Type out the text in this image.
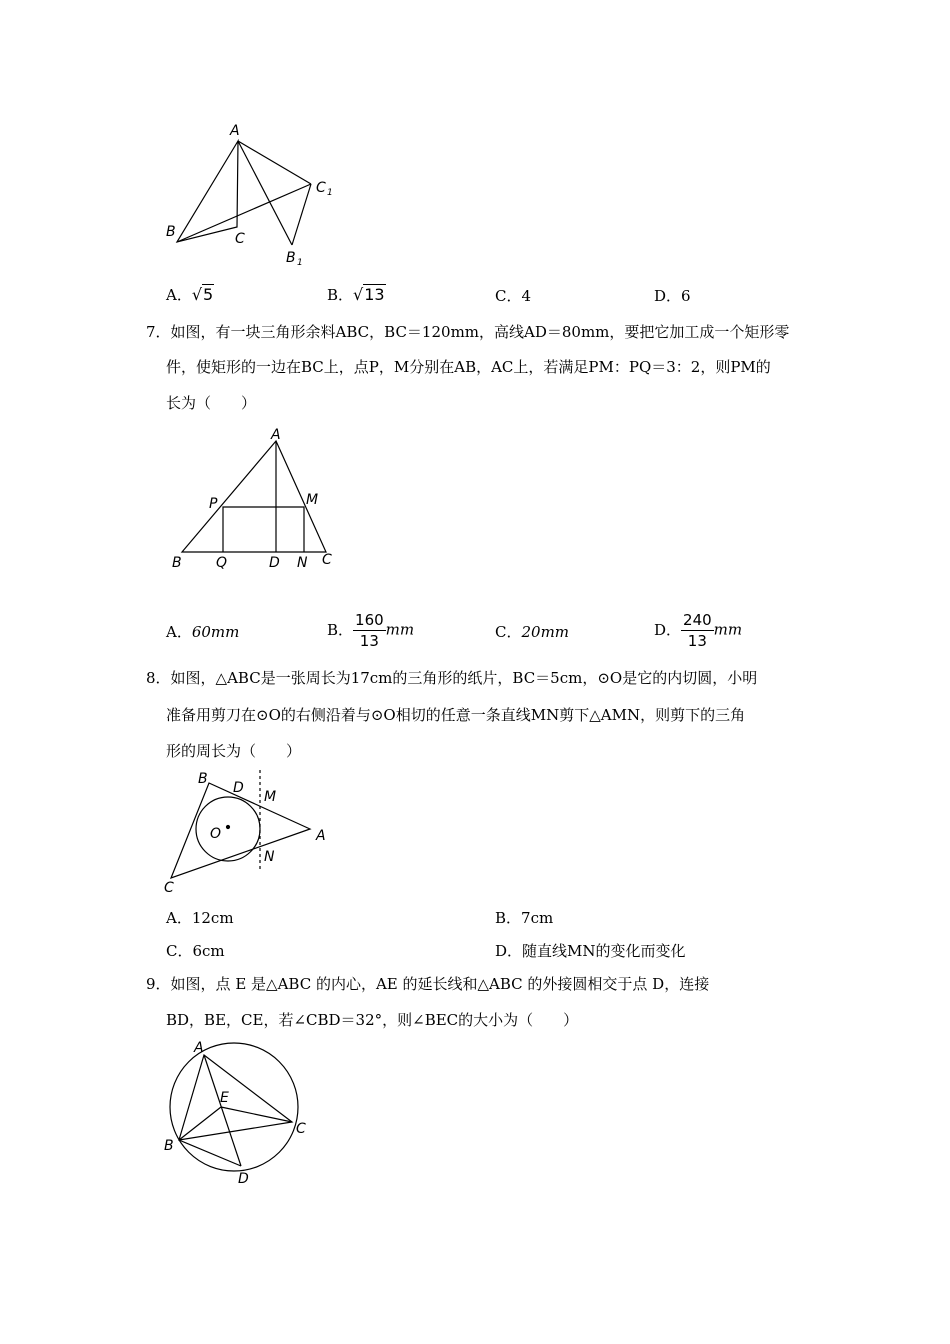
A
B	C
C 1
B 1
A．√5	B．√13	C．4	D．6
7．如图，有一块三角形余料ABC，BC＝120mm，高线AD＝80mm，要把它加工成一个矩形零
件，使矩形的一边在BC上，点P，M分别在AB，AC上，若满足PM：PQ＝3：2，则PM的
长为（　　）
A
P	M
B Q	D N C
A．60mm	B． $\frac{160}{13}$ mm	C．20mm	D． $\frac{240}{13}$ mm
8．如图，△ABC是一张周长为17cm的三角形的纸片，BC＝5cm，⊙O是它的内切圆，小明
准备用剪刀在⊙O的右侧沿着与⊙O相切的任意一条直线MN剪下△AMN，则剪下的三角
形的周长为（　　）
B
D
M
O	A
N
C
A．12cm	B．7cm
C．6cm	D．随直线MN的变化而变化
9．如图，点 E 是△ABC 的内心，AE 的延长线和△ABC 的外接圆相交于点 D，连接
BD，BE，CE，若∠CBD＝32°，则∠BEC的大小为（　　）
A
E
B
C
D
